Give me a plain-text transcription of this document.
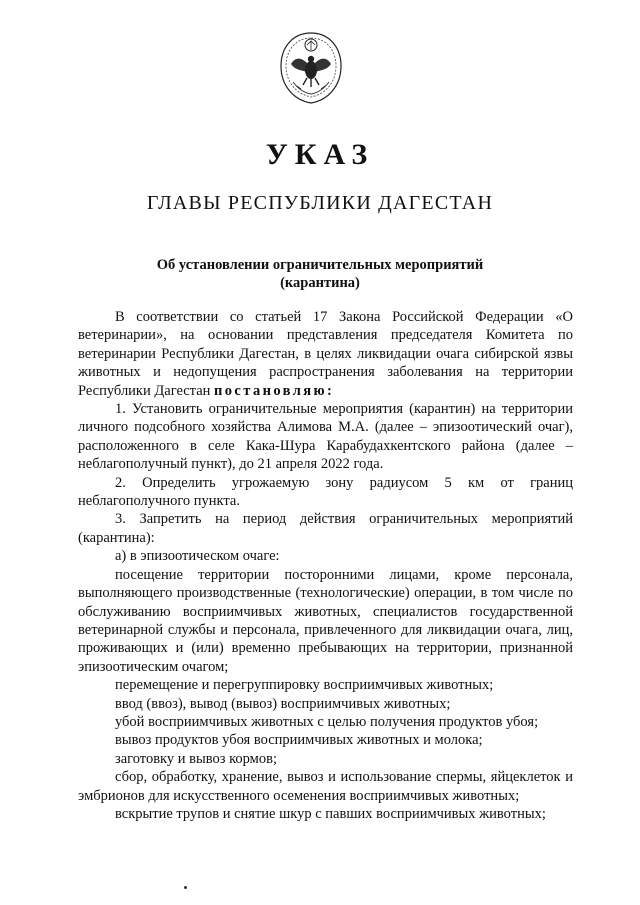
УКАЗ
ГЛАВЫ РЕСПУБЛИКИ ДАГЕСТАН
Об установлении ограничительных мероприятий
(карантина)

В соответствии со статьей 17 Закона Российской Федерации «О ветеринарии», на основании представления председателя Комитета по ветеринарии Республики Дагестан, в целях ликвидации очага сибирской язвы животных и недопущения распространения заболевания на территории Республики Дагестан постановляю:

1. Установить ограничительные мероприятия (карантин) на территории личного подсобного хозяйства Алимова М.А. (далее – эпизоотический очаг), расположенного в селе Кака-Шура Карабудахкентского района (далее – неблагополучный пункт), до 21 апреля 2022 года.

2. Определить угрожаемую зону радиусом 5 км от границ неблагополучного пункта.

3. Запретить на период действия ограничительных мероприятий (карантина):

а) в эпизоотическом очаге:

посещение территории посторонними лицами, кроме персонала, выполняющего производственные (технологические) операции, в том числе по обслуживанию восприимчивых животных, специалистов государственной ветеринарной службы и персонала, привлеченного для ликвидации очага, лиц, проживающих и (или) временно пребывающих на территории, признанной эпизоотическим очагом;

перемещение и перегруппировку восприимчивых животных;

ввод (ввоз), вывод (вывоз) восприимчивых животных;

убой восприимчивых животных с целью получения продуктов убоя;

вывоз продуктов убоя восприимчивых животных и молока;

заготовку и вывоз кормов;

сбор, обработку, хранение, вывоз и использование спермы, яйцеклеток и эмбрионов для искусственного осеменения восприимчивых животных;

вскрытие трупов и снятие шкур с павших восприимчивых животных;
